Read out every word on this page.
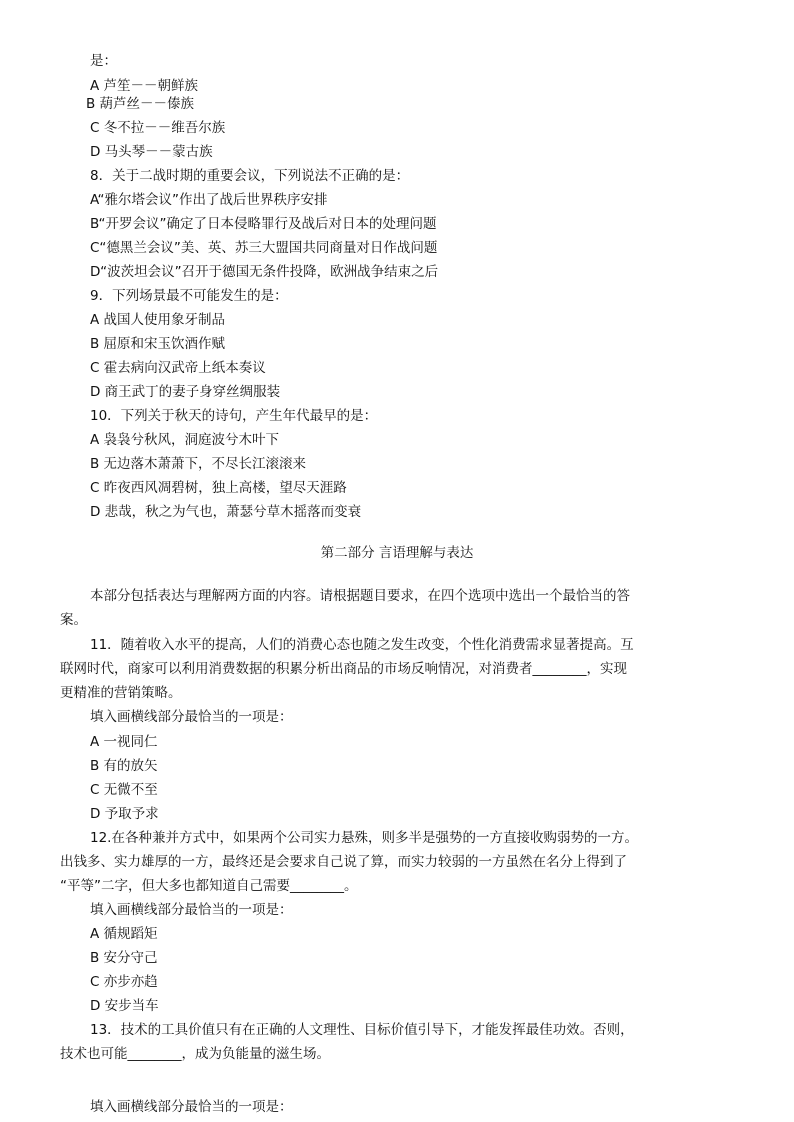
是：
A 芦笙－－朝鲜族
B 葫芦丝－－傣族
C 冬不拉－－维吾尔族
D 马头琴－－蒙古族
8．关于二战时期的重要会议，下列说法不正确的是：
A“雅尔塔会议”作出了战后世界秩序安排
B“开罗会议”确定了日本侵略罪行及战后对日本的处理问题
C“德黑兰会议”美、英、苏三大盟国共同商量对日作战问题
D“波茨坦会议”召开于德国无条件投降，欧洲战争结束之后
9．下列场景最不可能发生的是：
A 战国人使用象牙制品
B 屈原和宋玉饮酒作赋
C 霍去病向汉武帝上纸本奏议
D 商王武丁的妻子身穿丝绸服装
10．下列关于秋天的诗句，产生年代最早的是：
A 袅袅兮秋风，洞庭波兮木叶下
B 无边落木萧萧下，不尽长江滚滚来
C 昨夜西风凋碧树，独上高楼，望尽天涯路
D 悲哉，秋之为气也，萧瑟兮草木摇落而变衰
第二部分 言语理解与表达
本部分包括表达与理解两方面的内容。请根据题目要求，在四个选项中选出一个最恰当的答
案。
11．随着收入水平的提高，人们的消费心态也随之发生改变，个性化消费需求显著提高。互
联网时代，商家可以利用消费数据的积累分析出商品的市场反响情况，对消费者________，实现
更精准的营销策略。
填入画横线部分最恰当的一项是：
A 一视同仁
B 有的放矢
C 无微不至
D 予取予求
12.在各种兼并方式中，如果两个公司实力悬殊，则多半是强势的一方直接收购弱势的一方。
出钱多、实力雄厚的一方，最终还是会要求自己说了算，而实力较弱的一方虽然在名分上得到了
“平等”二字，但大多也都知道自己需要________。
填入画横线部分最恰当的一项是：
A 循规蹈矩
B 安分守己
C 亦步亦趋
D 安步当车
13．技术的工具价值只有在正确的人文理性、目标价值引导下，才能发挥最佳功效。否则，
技术也可能________，成为负能量的滋生场。
填入画横线部分最恰当的一项是：
